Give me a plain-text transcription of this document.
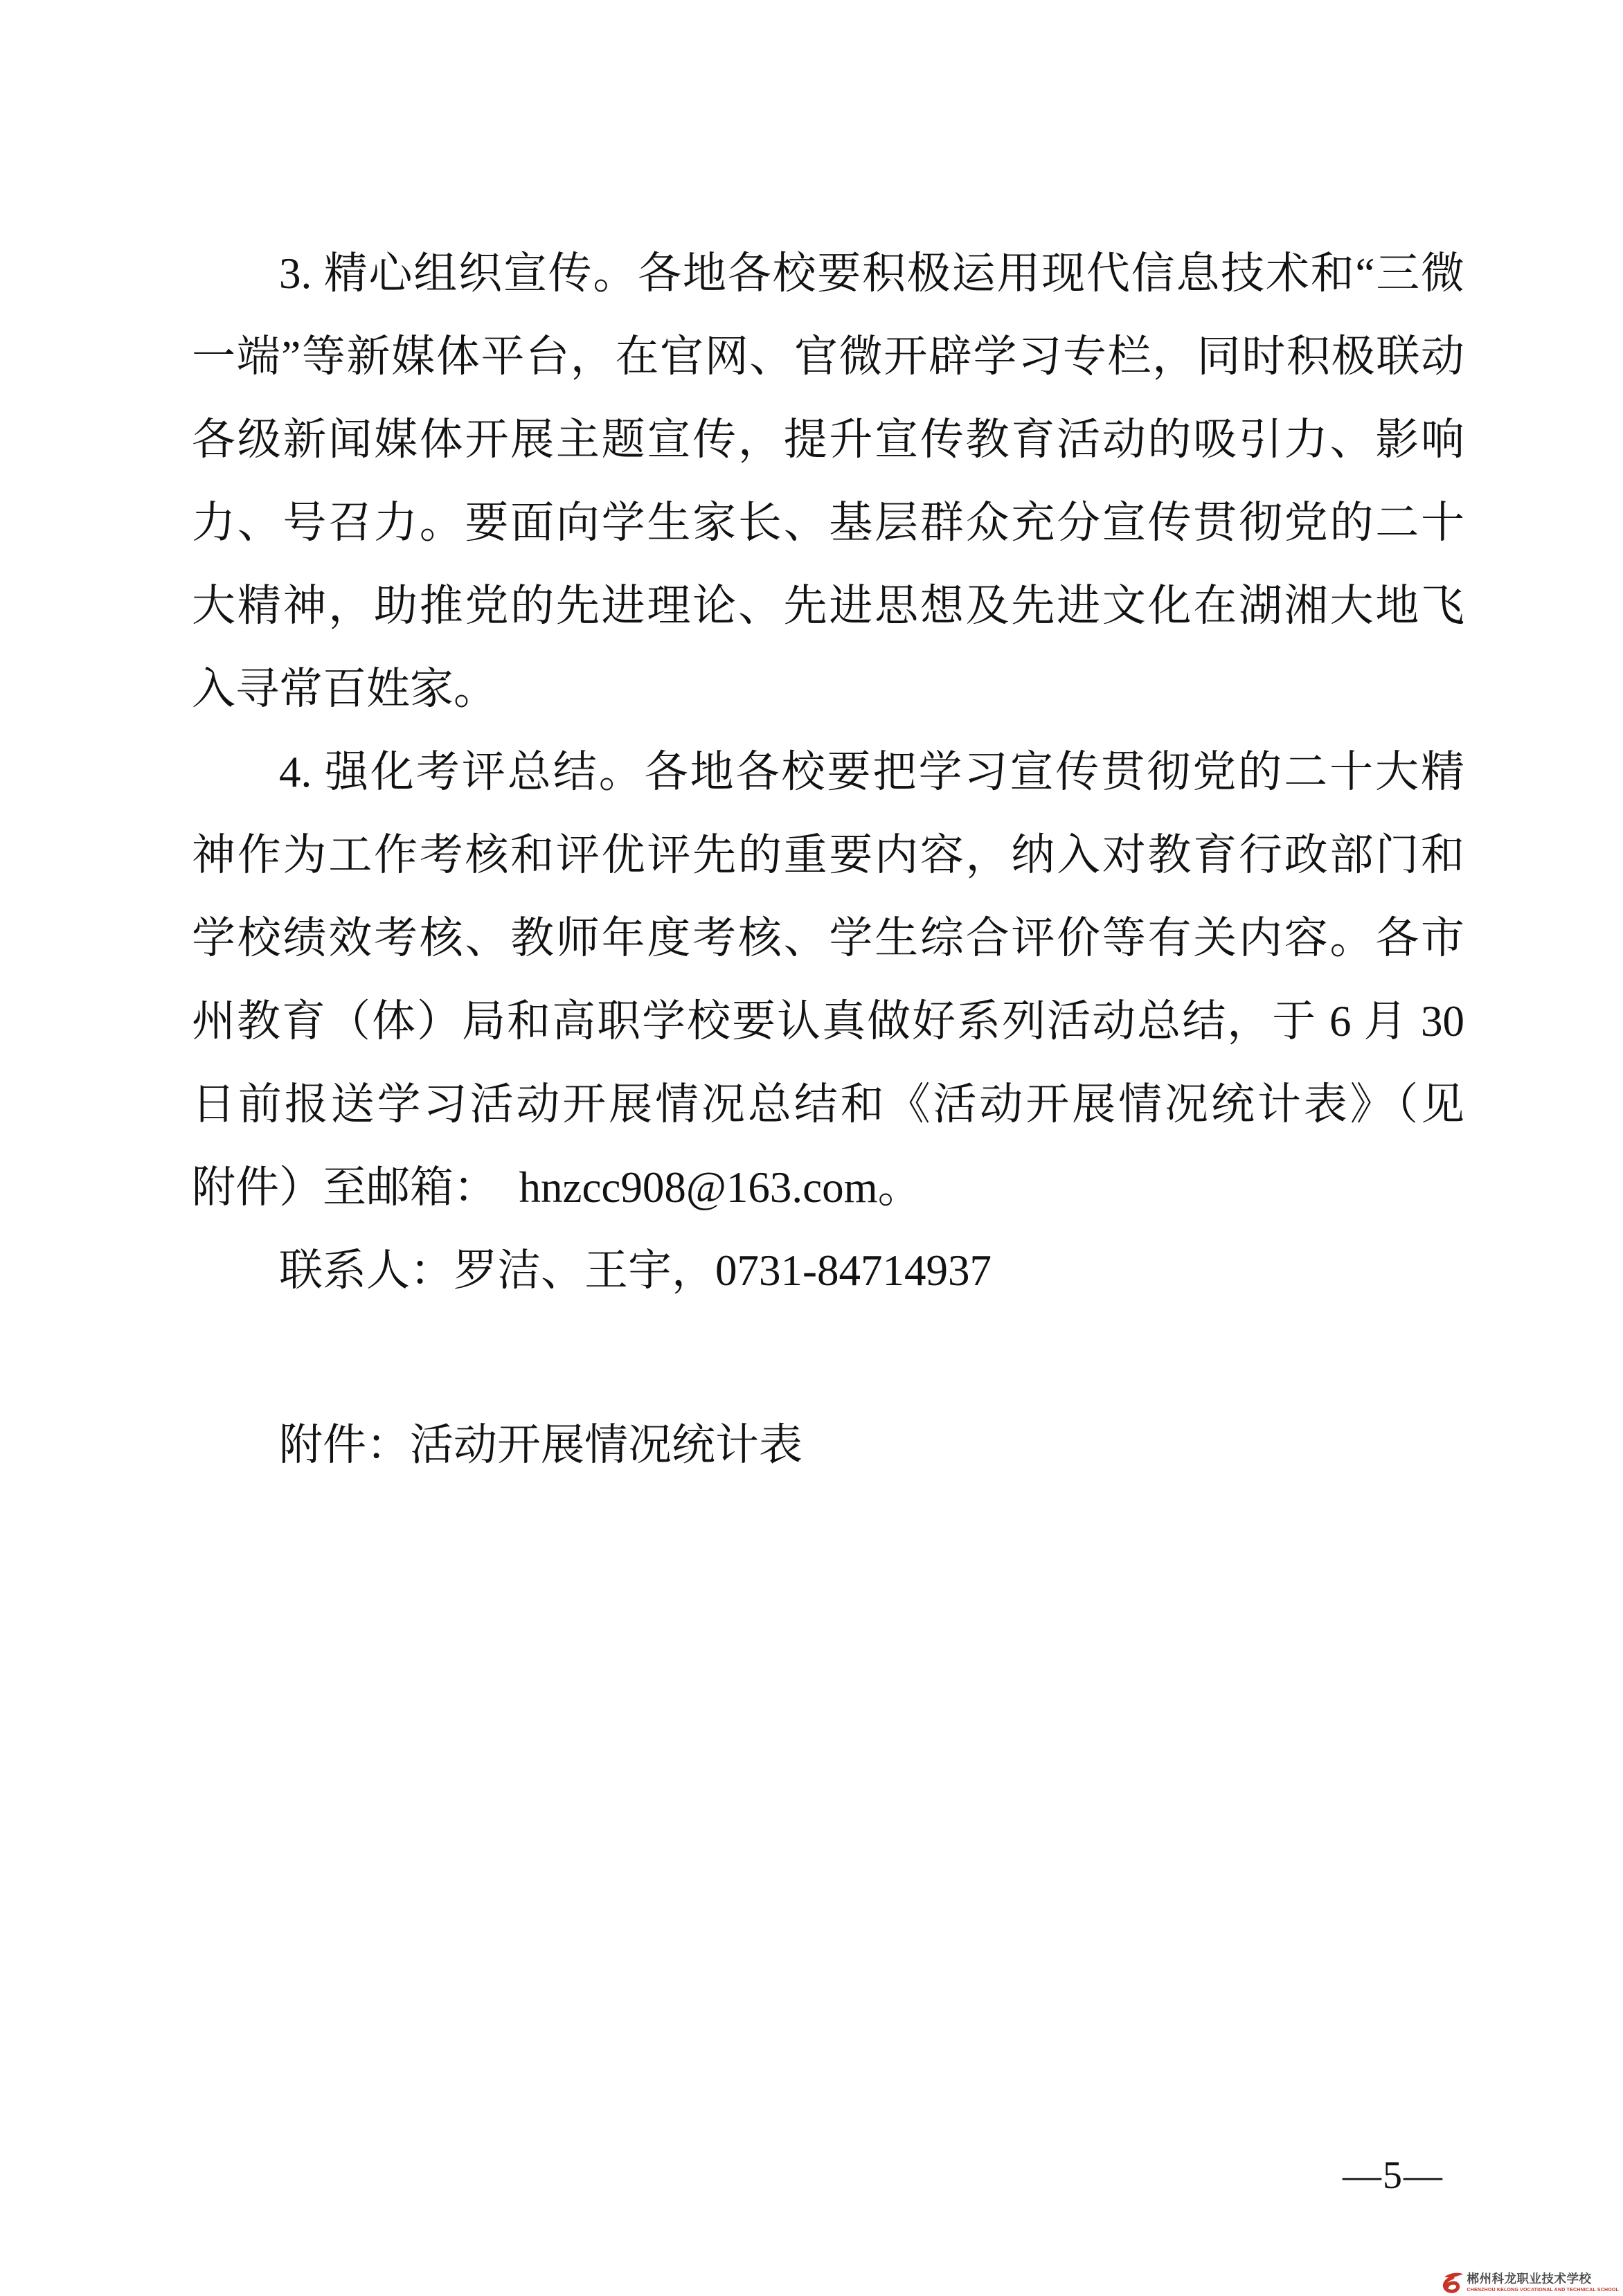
3. 精心组织宣传。各地各校要积极运用现代信息技术和“三微
一端”等新媒体平台，在官网、官微开辟学习专栏，同时积极联动
各级新闻媒体开展主题宣传，提升宣传教育活动的吸引力、影响
力、号召力。要面向学生家长、基层群众充分宣传贯彻党的二十
大精神，助推党的先进理论、先进思想及先进文化在湖湘大地飞
入寻常百姓家。
4. 强化考评总结。各地各校要把学习宣传贯彻党的二十大精
神作为工作考核和评优评先的重要内容，纳入对教育行政部门和
学校绩效考核、教师年度考核、学生综合评价等有关内容。各市
州教育（体）局和高职学校要认真做好系列活动总结，于 6 月 30
日前报送学习活动开展情况总结和《活动开展情况统计表》（见
附件）至邮箱：  hnzcc908@163.com。
联系人：罗洁、王宇，0731-84714937
附件：活动开展情况统计表
—5—
郴州科龙职业技术学校
CHENZHOU KELONG VOCATIONAL AND TECHNICAL SCHOOL
